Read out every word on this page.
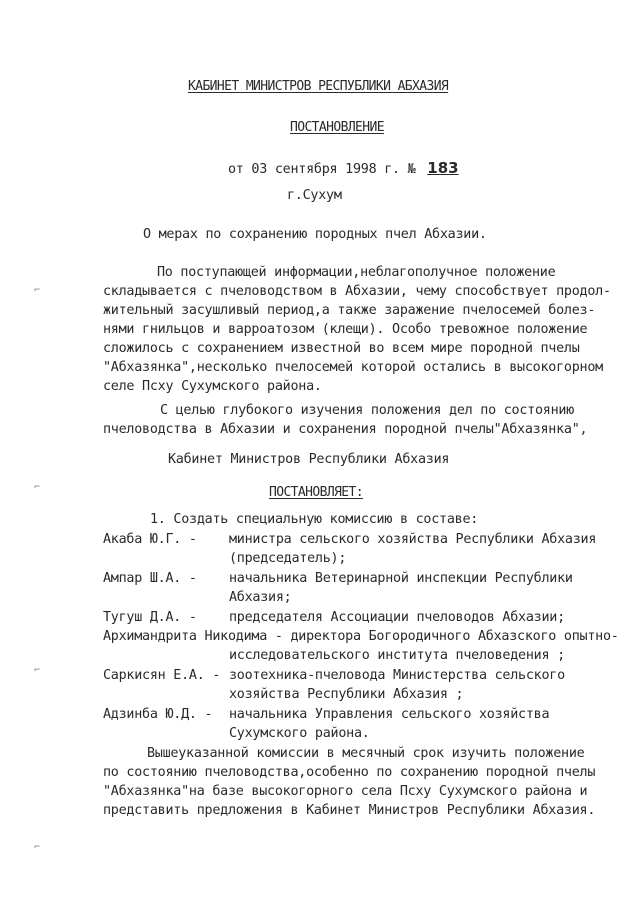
⌐
⌐
⌐
⌐
КАБИНЕТ МИНИСТРОВ РЕСПУБЛИКИ АБХАЗИЯ
ПОСТАНОВЛЕНИЕ
от 03 сентября 1998 г. № 183
г.Сухум
О мерах по сохранению породных пчел Абхазии.
По поступающей информации,неблагополучное положение
складывается с пчеловодством в Абхазии, чему способствует продол-
жительный засушливый период,а также заражение пчелосемей болез-
нями гнильцов и варроатозом (клещи). Особо тревожное положение
сложилось с сохранением известной во всем мире породной пчелы
"Абхазянка",несколько пчелосемей которой остались в высокогорном
селе Псху Сухумского района.
С целью глубокого изучения положения дел по состоянию
пчеловодства в Абхазии и сохранения породной пчелы"Абхазянка",
Кабинет Министров Республики Абхазия
ПОСТАНОВЛЯЕТ:
1. Создать специальную комиссию в составе:
Акаба Ю.Г. - министра сельского хозяйства Республики Абхазия
(председатель);
Ампар Ш.А. - начальника Ветеринарной инспекции Республики
Абхазия;
Тугуш Д.А. - председателя Ассоциации пчеловодов Абхазии;
Архимандрита Никодима - директора Богородичного Абхазского опытно-
исследовательского института пчеловедения ;
Саркисян Е.А. - зоотехника-пчеловода Министерства сельского
хозяйства Республики Абхазия ;
Адзинба Ю.Д. - начальника Управления сельского хозяйства
Сухумского района.
Вышеуказанной комиссии в месячный срок изучить положение
по состоянию пчеловодства,особенно по сохранению породной пчелы
"Абхазянка"на базе высокогорного села Псху Сухумского района и
представить предложения в Кабинет Министров Республики Абхазия.
